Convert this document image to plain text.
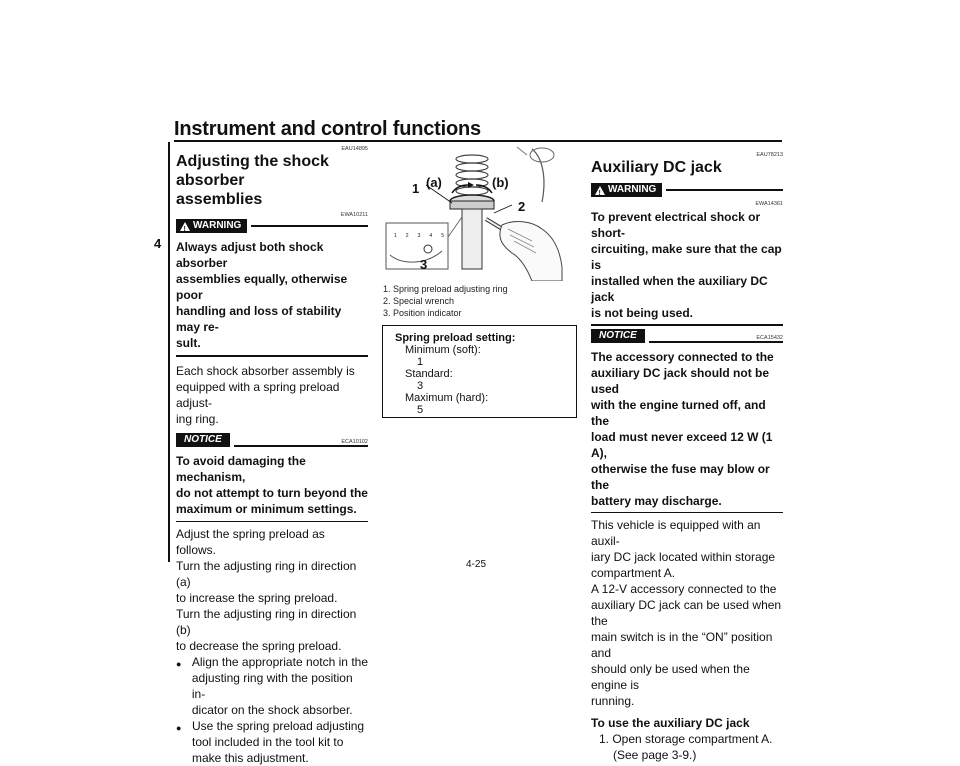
Instrument and control functions
4
EAU14895
Adjusting the shock absorber
assemblies
EWA10211
! WARNING
Always adjust both shock absorber
assemblies equally, otherwise poor
handling and loss of stability may re-
sult.
Each shock absorber assembly is
equipped with a spring preload adjust-
ing ring.
NOTICE	ECA10102
To avoid damaging the mechanism,
do not attempt to turn beyond the
maximum or minimum settings.
Adjust the spring preload as follows.
Turn the adjusting ring in direction (a)
to increase the spring preload.
Turn the adjusting ring in direction (b)
to decrease the spring preload.
● Align the appropriate notch in the
adjusting ring with the position in-
dicator on the shock absorber.
● Use the spring preload adjusting
tool included in the tool kit to
make this adjustment.
1 (a)	(b)
2
3
1 2 3 4 5
1. Spring preload adjusting ring
2. Special wrench
3. Position indicator
Spring preload setting:
Minimum (soft):
1
Standard:
3
Maximum (hard):
5
EAU78213
Auxiliary DC jack
! WARNING
EWA14361
To prevent electrical shock or short-
circuiting, make sure that the cap is
installed when the auxiliary DC jack
is not being used.
NOTICE	ECA15432
The accessory connected to the
auxiliary DC jack should not be used
with the engine turned off, and the
load must never exceed 12 W (1 A),
otherwise the fuse may blow or the
battery may discharge.
This vehicle is equipped with an auxil-
iary DC jack located within storage
compartment A.
A 12-V accessory connected to the
auxiliary DC jack can be used when the
main switch is in the “ON” position and
should only be used when the engine is
running.
To use the auxiliary DC jack
1. Open storage compartment A.
(See page 3-9.)
4-25
